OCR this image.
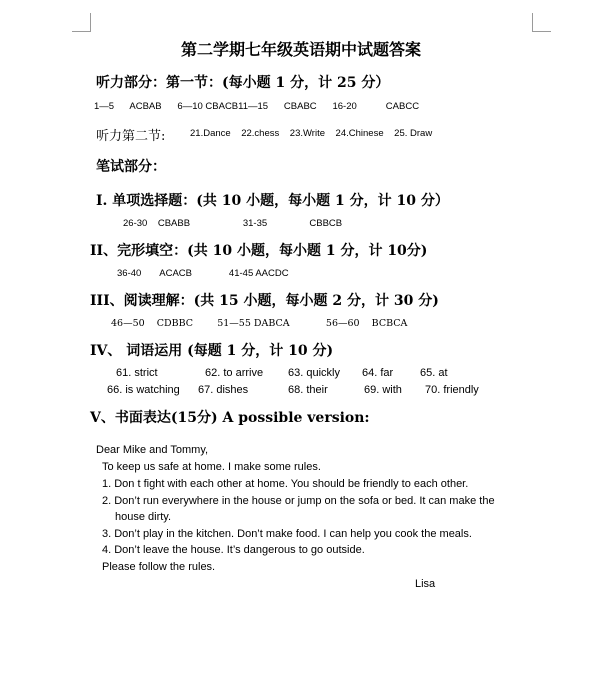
第二学期七年级英语期中试题答案
听力部分：第一节：(每小题 1 分，计 25 分）
1—5      ACBAB      6—10 CBACB11—15      CBABC      16-20           CABCC
听力第二节:	21.Dance    22.chess    23.Write    24.Chinese    25. Draw
笔试部分：
I. 单项选择题：(共 10 小题，每小题 1 分，计 10 分）
26-30    CBABB                    31-35                CBBCB
II、完形填空：(共 10 小题，每小题 1 分，计 10分)
36-40       ACACB              41-45 AACDC
III、阅读理解：(共 15 小题，每小题 2 分，计 30 分)
46—50    CDBBC        51—55 DABCA            56—60    BCBCA
IV、 词语运用 (每题 1 分，计 10 分)
61. strict	62. to arrive 63. quickly 64. far 65. at
66. is watching 67. dishes	68. their	69. with 70. friendly
V、书面表达(15分) A possible version:
Dear Mike and Tommy,
To keep us safe at home. I make some rules.
1. Don t fight with each other at home. You should be friendly to each other.
2. Don’t run everywhere in the house or jump on the sofa or bed. It can make the
house dirty.
3. Don’t play in the kitchen. Don’t make food. I can help you cook the meals.
4. Don’t leave the house. It’s dangerous to go outside.
Please follow the rules.
Lisa
